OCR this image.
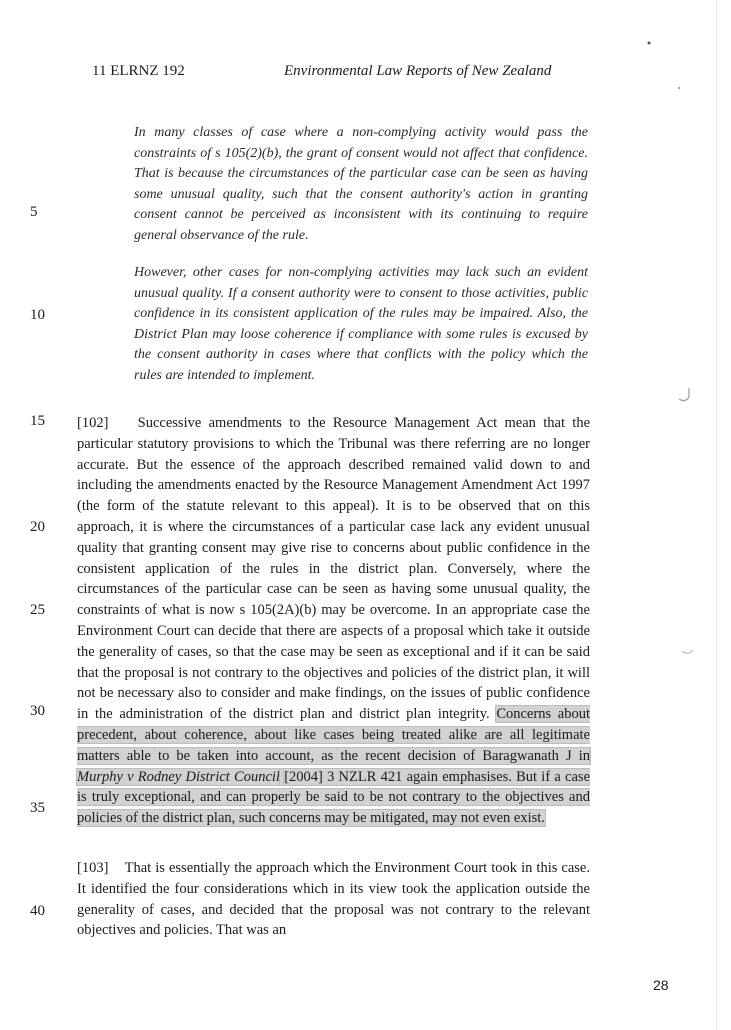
11 ELRNZ 192	Environmental Law Reports of New Zealand
In many classes of case where a non-complying activity would pass the constraints of s 105(2)(b), the grant of consent would not affect that confidence. That is because the circumstances of the particular case can be seen as having some unusual quality, such that the consent authority's action in granting consent cannot be perceived as inconsistent with its continuing to require general observance of the rule.
However, other cases for non-complying activities may lack such an evident unusual quality. If a consent authority were to consent to those activities, public confidence in its consistent application of the rules may be impaired. Also, the District Plan may loose coherence if compliance with some rules is excused by the consent authority in cases where that conflicts with the policy which the rules are intended to implement.
[102] Successive amendments to the Resource Management Act mean that the particular statutory provisions to which the Tribunal was there referring are no longer accurate. But the essence of the approach described remained valid down to and including the amendments enacted by the Resource Management Amendment Act 1997 (the form of the statute relevant to this appeal). It is to be observed that on this approach, it is where the circumstances of a particular case lack any evident unusual quality that granting consent may give rise to concerns about public confidence in the consistent application of the rules in the district plan. Conversely, where the circumstances of the particular case can be seen as having some unusual quality, the constraints of what is now s 105(2A)(b) may be overcome. In an appropriate case the Environment Court can decide that there are aspects of a proposal which take it outside the generality of cases, so that the case may be seen as exceptional and if it can be said that the proposal is not contrary to the objectives and policies of the district plan, it will not be necessary also to consider and make findings, on the issues of public confidence in the administration of the district plan and district plan integrity. Concerns about precedent, about coherence, about like cases being treated alike are all legitimate matters able to be taken into account, as the recent decision of Baragwanath J in Murphy v Rodney District Council [2004] 3 NZLR 421 again emphasises. But if a case is truly exceptional, and can properly be said to be not contrary to the objectives and policies of the district plan, such concerns may be mitigated, may not even exist.
[103] That is essentially the approach which the Environment Court took in this case. It identified the four considerations which in its view took the application outside the generality of cases, and decided that the proposal was not contrary to the relevant objectives and policies. That was an
5
10
15
20
25
30
35
40
28
